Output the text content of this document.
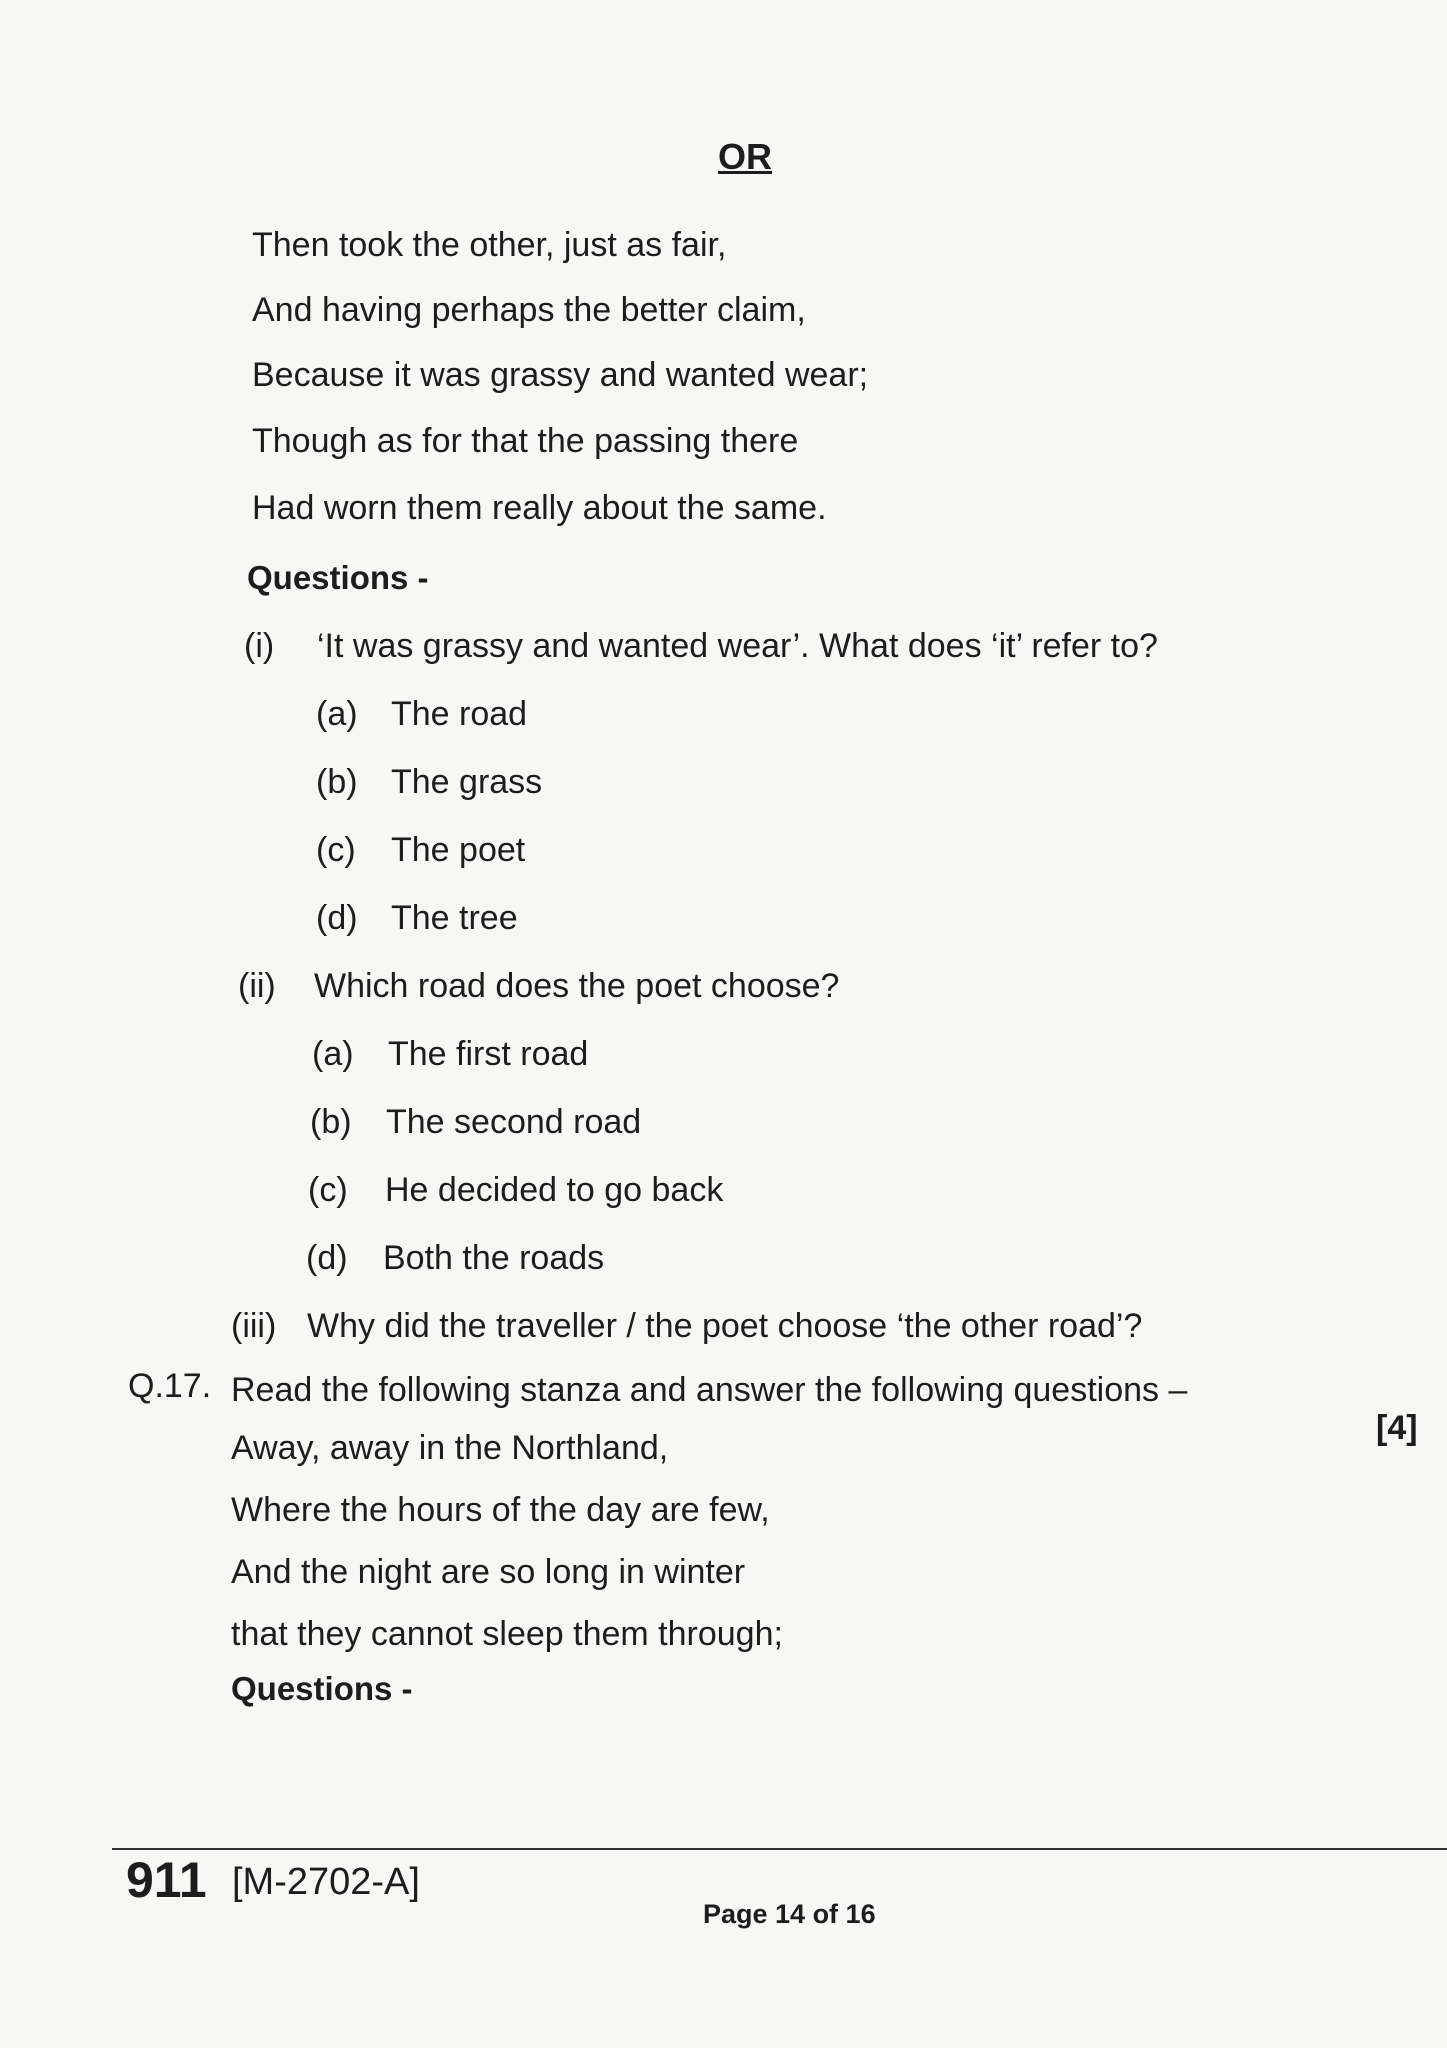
OR
Then took the other, just as fair,
And having perhaps the better claim,
Because it was grassy and wanted wear;
Though as for that the passing there
Had worn them really about the same.
Questions -
(i) ‘It was grassy and wanted wear’. What does ‘it’ refer to?
(a) The road
(b) The grass
(c) The poet
(d) The tree
(ii) Which road does the poet choose?
(a) The first road
(b) The second road
(c) He decided to go back
(d) Both the roads
(iii) Why did the traveller / the poet choose ‘the other road’?
Q.17. Read the following stanza and answer the following questions –
[4]
Away, away in the Northland,
Where the hours of the day are few,
And the night are so long in winter
that they cannot sleep them through;
Questions -
911 [M-2702-A]
Page 14 of 16
